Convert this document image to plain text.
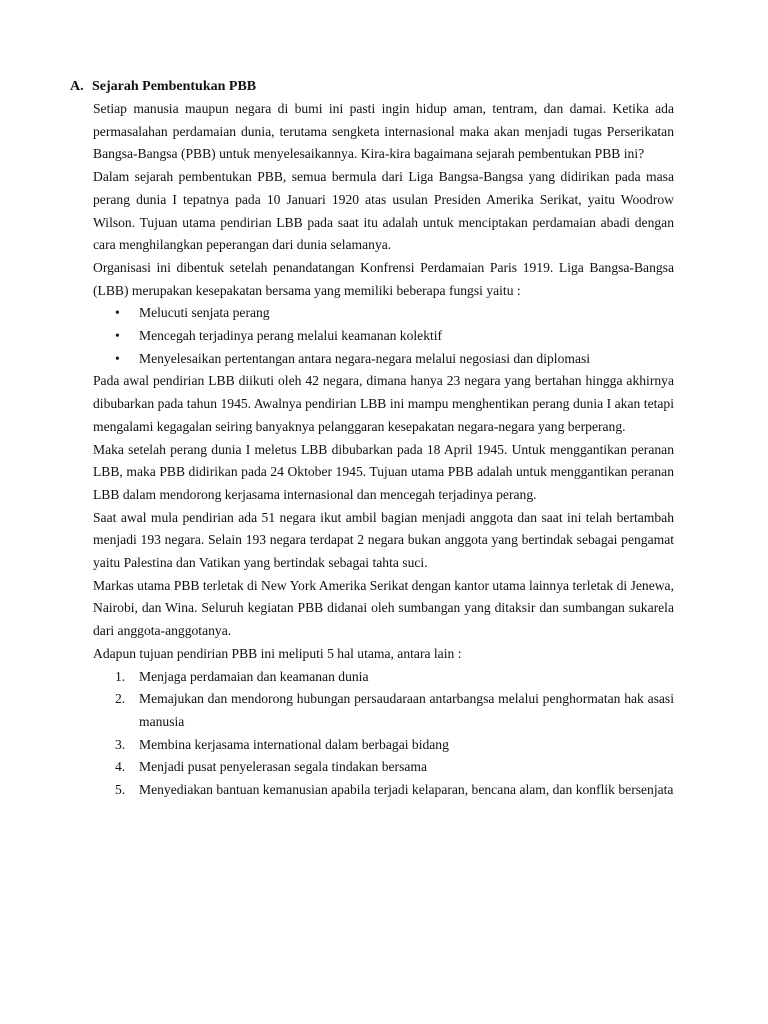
A. Sejarah Pembentukan PBB

Setiap manusia maupun negara di bumi ini pasti ingin hidup aman, tentram, dan damai. Ketika ada permasalahan perdamaian dunia, terutama sengketa internasional maka akan menjadi tugas Perserikatan Bangsa-Bangsa (PBB) untuk menyelesaikannya. Kira-kira bagaimana sejarah pembentukan PBB ini?

Dalam sejarah pembentukan PBB, semua bermula dari Liga Bangsa-Bangsa yang didirikan pada masa perang dunia I tepatnya pada 10 Januari 1920 atas usulan Presiden Amerika Serikat, yaitu Woodrow Wilson. Tujuan utama pendirian LBB pada saat itu adalah untuk menciptakan perdamaian abadi dengan cara menghilangkan peperangan dari dunia selamanya.

Organisasi ini dibentuk setelah penandatangan Konfrensi Perdamaian Paris 1919. Liga Bangsa-Bangsa (LBB) merupakan kesepakatan bersama yang memiliki beberapa fungsi yaitu :

• Melucuti senjata perang
• Mencegah terjadinya perang melalui keamanan kolektif
• Menyelesaikan pertentangan antara negara-negara melalui negosiasi dan diplomasi

Pada awal pendirian LBB diikuti oleh 42 negara, dimana hanya 23 negara yang bertahan hingga akhirnya dibubarkan pada tahun 1945. Awalnya pendirian LBB ini mampu menghentikan perang dunia I akan tetapi mengalami kegagalan seiring banyaknya pelanggaran kesepakatan negara-negara yang berperang.

Maka setelah perang dunia I meletus LBB dibubarkan pada 18 April 1945. Untuk menggantikan peranan LBB, maka PBB didirikan pada 24 Oktober 1945. Tujuan utama PBB adalah untuk menggantikan peranan LBB dalam mendorong kerjasama internasional dan mencegah terjadinya perang.

Saat awal mula pendirian ada 51 negara ikut ambil bagian menjadi anggota dan saat ini telah bertambah menjadi 193 negara. Selain 193 negara terdapat 2 negara bukan anggota yang bertindak sebagai pengamat yaitu Palestina dan Vatikan yang bertindak sebagai tahta suci.

Markas utama PBB terletak di New York Amerika Serikat dengan kantor utama lainnya terletak di Jenewa, Nairobi, dan Wina. Seluruh kegiatan PBB didanai oleh sumbangan yang ditaksir dan sumbangan sukarela dari anggota-anggotanya.

Adapun tujuan pendirian PBB ini meliputi 5 hal utama, antara lain :

1. Menjaga perdamaian dan keamanan dunia
2. Memajukan dan mendorong hubungan persaudaraan antarbangsa melalui penghormatan hak asasi manusia
3. Membina kerjasama international dalam berbagai bidang
4. Menjadi pusat penyelerasan segala tindakan bersama
5. Menyediakan bantuan kemanusian apabila terjadi kelaparan, bencana alam, dan konflik bersenjata
